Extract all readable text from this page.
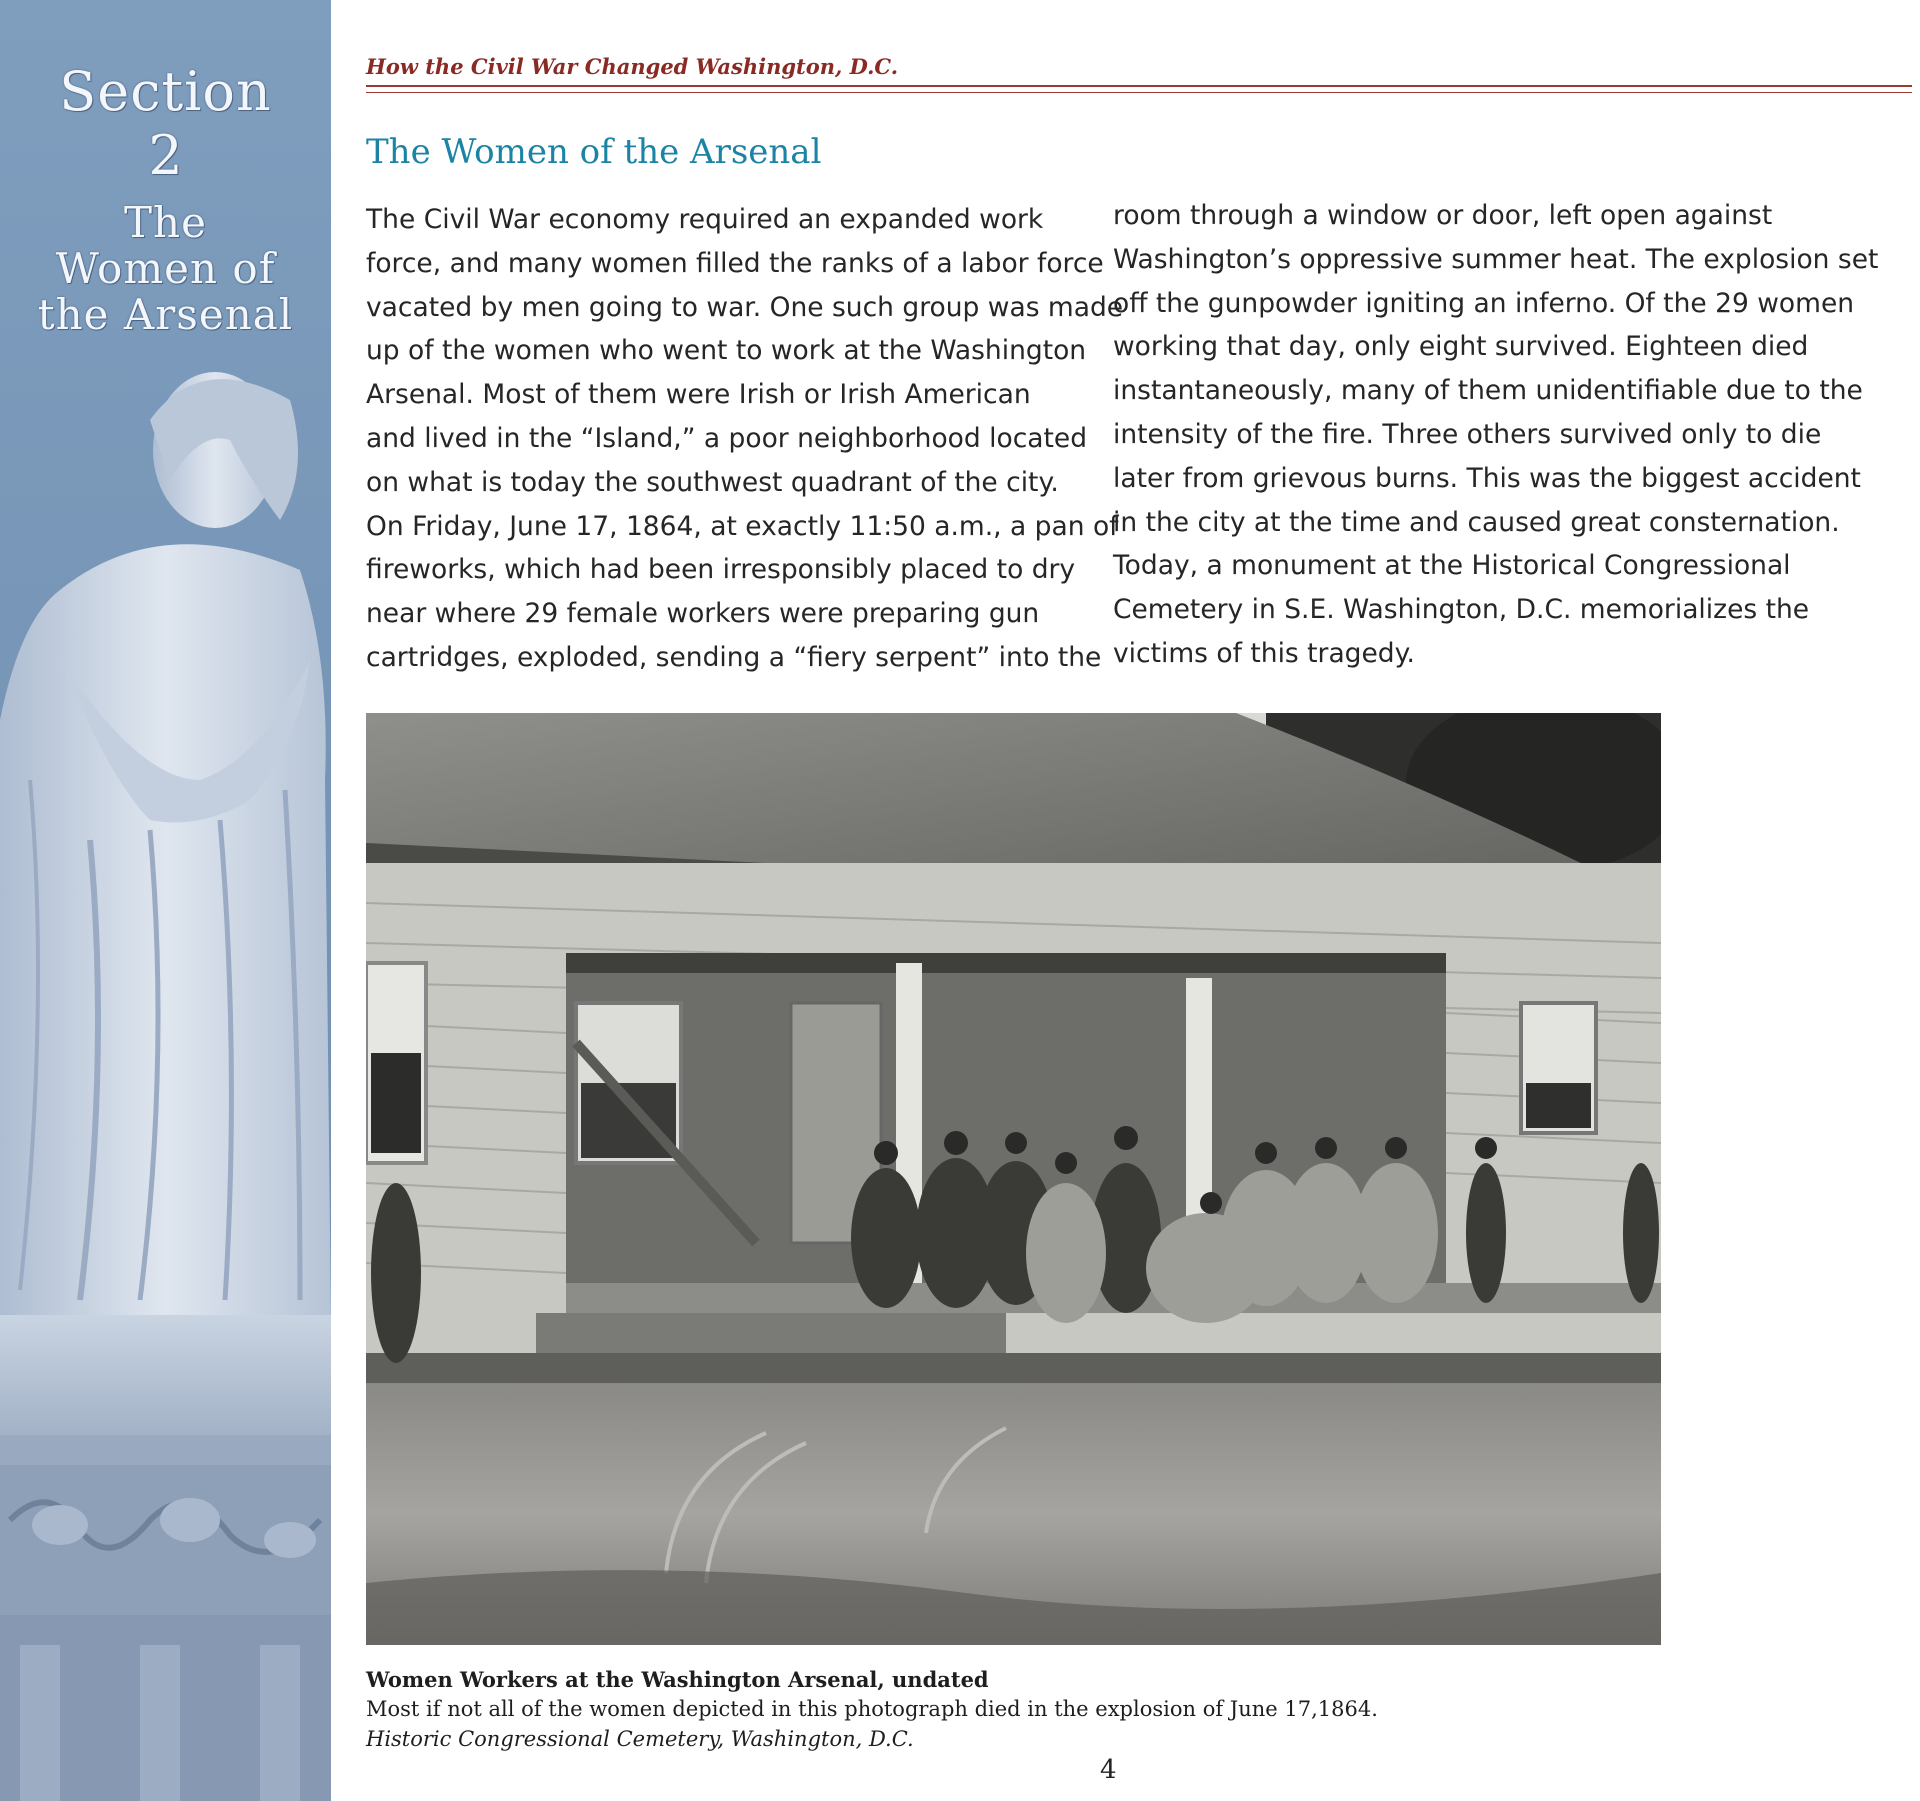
Section
2
The
Women of
the Arsenal
How the Civil War Changed Washington, D.C.
The Women of the Arsenal

The Civil War economy required an expanded work

force, and many women filled the ranks of a labor force

vacated by men going to war. One such group was made

up of the women who went to work at the Washington

Arsenal. Most of them were Irish or Irish American

and lived in the “Island,” a poor neighborhood located

on what is today the southwest quadrant of the city.

On Friday, June 17, 1864, at exactly 11:50 a.m., a pan of

fireworks, which had been irresponsibly placed to dry

near where 29 female workers were preparing gun

cartridges, exploded, sending a “fiery serpent” into the

room through a window or door, left open against

Washington’s oppressive summer heat. The explosion set

off the gunpowder igniting an inferno. Of the 29 women

working that day, only eight survived. Eighteen died

instantaneously, many of them unidentifiable due to the

intensity of the fire. Three others survived only to die

later from grievous burns. This was the biggest accident

in the city at the time and caused great consternation.

Today, a monument at the Historical Congressional

Cemetery in S.E. Washington, D.C. memorializes the

victims of this tragedy.

Women Workers at the Washington Arsenal, undated
Most if not all of the women depicted in this photograph died in the explosion of June 17,1864.
Historic Congressional Cemetery, Washington, D.C.
4
